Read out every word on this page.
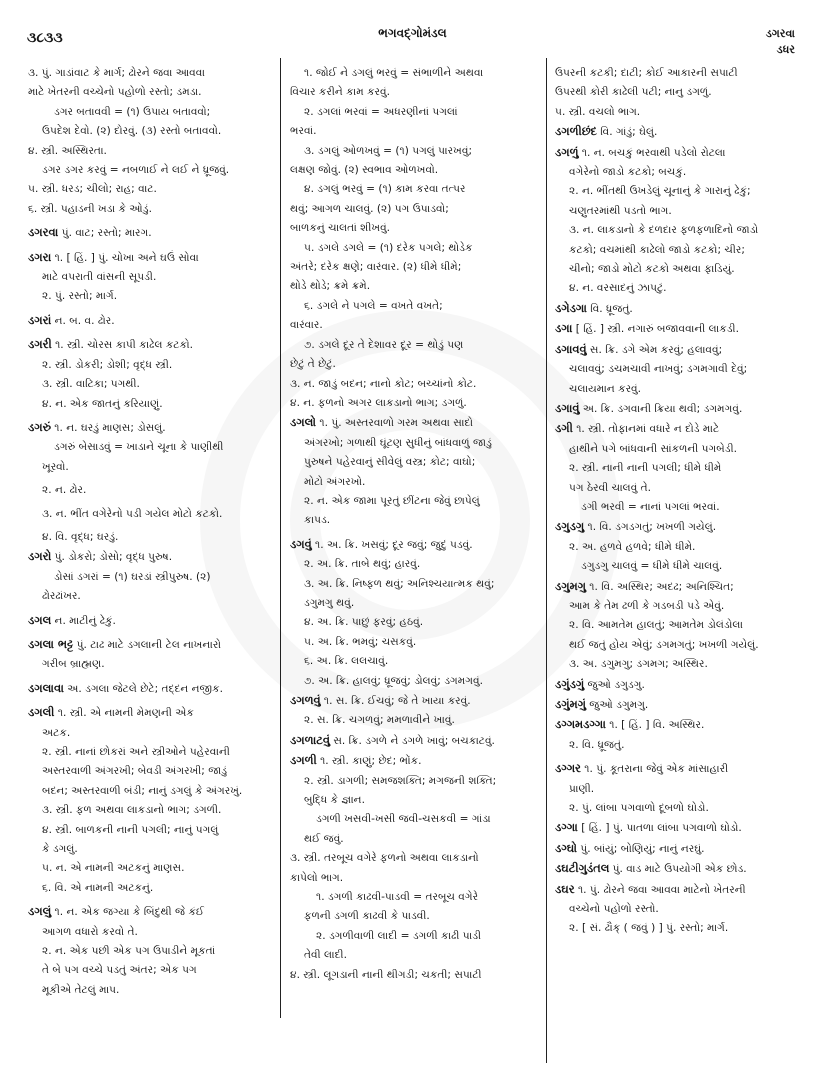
૩૮૩૩	ભગવદ્ગોમંડલ	ડગરવા
ડધર
૩. પું. ગાડાંવાટ કે માર્ગ; ઢોરને જવા આવવા
માટે ખેતરની વચ્ચેનો પહોળો રસ્તો; ડમડા.
ડગર બતાવવી = (૧) ઉપાય બતાવવો;
ઉપદેશ દેવો. (૨) દોરવું. (૩) રસ્તો બતાવવો.
૪. સ્ત્રી. અસ્થિરતા.
ડગર ડગર કરવું = નબળાઈ ને લઈ ને ધ્રૂજવું.
૫. સ્ત્રી. ધરડ; ચીલો; રાહ; વાટ.
૬. સ્ત્રી. પહાડની ખડા કે ઓડું.
ડગરવા પું. વાટ; રસ્તો; મારગ.
ડગરા ૧. [ હિં. ] પું. ચોખા અને ઘઉં સોવા
માટે વપરાતી વાંસની સૂપડી.
૨. પું. રસ્તો; માર્ગ.
ડગરાં ન. બ. વ. ઢોર.
ડગરી ૧. સ્ત્રી. ચોરસ કાપી કાઢેલ કટકો.
૨. સ્ત્રી. ડોકરી; ડોશી; વૃદ્ધ સ્ત્રી.
૩. સ્ત્રી. વાટિકા; પગથી.
૪. ન. એક જાતનું કરિયાણું.
ડગરું ૧. ન. ઘરડું માણસ; ડોસલું.
ડગરું બેસાડવું = ખાડાને ચૂના કે પાણીથી
ખૂરવો.
૨. ન. ઢોર.
૩. ન. ભીંત વગેરેનો પડી ગયેલ મોટો કટકો.
૪. વિ. વૃદ્ધ; ઘરડું.
ડગરો પું. ડોકરો; ડોસો; વૃદ્ધ પુરુષ.
ડોસાં ડગરાં = (૧) ઘરડાં સ્ત્રીપુરુષ. (૨)
ઢોરઢાંખર.
ડગલ ન. માટીનું ઢેકું.
ડગલા ભટ્ટ પું. ટાઢ માટે ડગલાની ટેલ નાખનારો
ગરીબ બ્રાહ્મણ.
ડગલાવા અ. ડગલા જેટલે છેટે; તદ્દન નજીક.
ડગલી ૧. સ્ત્રી. એ નામની મેમણની એક
અટક.
૨. સ્ત્રી. નાનાં છોકરાં અને સ્ત્રીઓને પહેરવાની
અસ્તરવાળી અંગરખી; બેવડી અંગરખી; જાડું
બદન; અસ્તરવાળી બંડી; નાનું ડગલું કે અંગરખું.
૩. સ્ત્રી. ફળ અથવા લાકડાનો ભાગ; ડગળી.
૪. સ્ત્રી. બાળકની નાની પગલી; નાનું પગલું
કે ડગલું.
૫. ન. એ નામની અટકનું માણસ.
૬. વિ. એ નામની અટકનું.
ડગલું ૧. ન. એક જગ્યા કે બિંદુથી જે કંઈ
આગળ વધારો કરવો તે.
૨. ન. એક પછી એક પગ ઉપાડીને મૂકતાં
તે બે પગ વચ્ચે પડતું અંતર; એક પગ
મૂકીએ તેટલું માપ.
૧. જોઈ ને ડગલું ભરવું = સંભાળીને અથવા
વિચાર કરીને કામ કરવું.
૨. ડગલાં ભરવાં = અધરણીનાં પગલાં
ભરવાં.
૩. ડગલું ઓળખવું = (૧) પગલું પારખવું;
લક્ષણ જોવું. (૨) સ્વભાવ ઓળખવો.
૪. ડગલું ભરવું = (૧) કામ કરવા તત્પર
થવું; આગળ ચાલવું. (૨) પગ ઉપાડવો;
બાળકનું ચાલતાં શીખવું.
૫. ડગલે ડગલે = (૧) દરેક પગલે; થોડેક
અંતરે; દરેક ક્ષણે; વારંવાર. (૨) ધીમે ધીમે;
થોડે થોડે; ક્રમે ક્રમે.
૬. ડગલે ને પગલે = વખતે વખતે;
વારંવાર.
૭. ડગલે દૂર તે દેશાવર દૂર = થોડું પણ
છેટું તે છેટું.
૩. ન. જાડું બદન; નાનો કોટ; બચ્ચાંનો કોટ.
૪. ન. ફળનો અગર લાકડાનો ભાગ; ડગળું.
ડગલો ૧. પું. અસ્તરવાળો ગરમ અથવા સાદો
અંગરખો; ગળાથી ઘૂંટણ સુધીનું બાંધવાળું જાડું
પુરુષને પહેરવાનું સીવેલું વસ્ત્ર; કોટ; વાઘો;
મોટો અંગરખો.
૨. ન. એક જામા પૂરતું છીંટના જેવું છાપેલું
કાપડ.
ડગવું ૧. અ. ક્રિ. ખસવું; દૂર જવું; જુદું પડવું.
૨. અ. ક્રિ. તાબે થવું; હારવું.
૩. અ. ક્રિ. નિષ્ફળ થવું; અનિશ્ચયાત્મક થવું;
ડગુમગુ થવું.
૪. અ. ક્રિ. પાછું ફરવું; હઠવું.
૫. અ. ક્રિ. ભમવું; ચસકવું.
૬. અ. ક્રિ. લલચાવું.
૭. અ. ક્રિ. હાલવું; ધ્રૂજવું; ડોલવું; ડગમગવું.
ડગળવું ૧. સ. ક્રિ. ઈચવું; જે તે ખાયા કરવું.
૨. સ. ક્રિ. ચગળવું; મમળાવીને ખાવું.
ડગળાટવું સ. ક્રિ. ડગળે ને ડગળે ખાવું; બચકાટવું.
ડગળી ૧. સ્ત્રી. કાણું; છેદ; ભોંક.
૨. સ્ત્રી. ડાગળી; સમજશક્તિ; મગજની શક્તિ;
બુદ્ધિ કે જ્ઞાન.
ડગળી ખસવી-ખસી જવી-ચસકવી = ગાંડા
થઈ જવું.
૩. સ્ત્રી. તરબૂચ વગેરે ફળનો અથવા લાકડાનો
કાપેલો ભાગ.
૧. ડગળી કાઢવી-પાડવી = તરબૂચ વગેરે
ફળની ડગળી કાઢવી કે પાડવી.
૨. ડગળીવાળી લાદી = ડગળી કાઢી પાડી
તેવી લાદી.
૪. સ્ત્રી. લૂગડાની નાની થીગડી; ચકતી; સપાટી
ઉપરની કટકી; દાટી; કોઈ આકારની સપાટી
ઉપરથી કોરી કાઢેલી પટી; નાનુ ડગળું.
૫. સ્ત્રી. વચલો ભાગ.
ડગળીછંદ વિ. ગાંડું; ઘેલું.
ડગળું ૧. ન. બચકું ભરવાથી પડેલો રોટલા
વગેરેનો જાડો કટકો; બચકું.
૨. ન. ભીંતથી ઉખડેલું ચૂનાનું કે ગારાનું ઢેકું;
ચણુતરમાંથી પડતો ભાગ.
૩. ન. લાકડાનો કે દળદાર ફળફળાદિનો જાડો
કટકો; વચમાંથી કાઢેલો જાડો કટકો; ચીર;
ચીનો; જાડો મોટો કટકો અથવા ફાડિયું.
૪. ન. વરસાદનું ઝાપટું.
ડગેડગા વિ. ધ્રૂજતું.
ડગા [ હિં. ] સ્ત્રી. નગારું બજાવવાની લાકડી.
ડગાવવું સ. ક્રિ. ડગે એમ કરવું; હલાવવું;
ચલાવવું; ડચમચાવી નાખવું; ડગમગાવી દેવું;
ચલાયમાન કરવું.
ડગાવું અ. ક્રિ. ડગવાની ક્રિયા થવી; ડગમગવું.
ડગી ૧. સ્ત્રી. તોફાનમાં વધારે ન દોડે માટે
હાથીને પગે બાંધવાની સાંકળની પગબેડી.
૨. સ્ત્રી. નાની નાની પગલી; ધીમે ધીમે
પગ ઠેરવી ચાલવું તે.
ડગી ભરવી = નાનાં પગલાં ભરવાં.
ડગુડગુ ૧. વિ. ડગડગતું; ખખળી ગયેલું.
૨. અ. હળવે હળવે; ધીમે ધીમે.
ડગુડગુ ચાલવું = ધીમે ધીમે ચાલવું.
ડગુમગુ ૧. વિ. અસ્થિર; અદઢ; અનિશ્ચિત;
આમ કે તેમ ઢળી કે ગડબડી પડે એવું.
૨. વિ. આમતેમ હાલતું; આમતેમ ડોલંડોલા
થઈ જતું હોય એવું; ડગમગતું; ખખળી ગયેલું.
૩. અ. ડગુમગુ; ડગમગ; અસ્થિર.
ડગુંડગું જુઓ ડગુડગુ.
ડગુંમગું જુઓ ડગુમગુ.
ડગ્ગમડગ્ગા ૧. [ હિં. ] વિ. અસ્થિર.
૨. વિ. ધ્રૂજતું.
ડગ્ગર ૧. પું. કૂતરાના જેવું એક માંસાહારી
પ્રાણી.
૨. પું. લાંબા પગવાળો દૂબળો ઘોડો.
ડગ્ગા [ હિં. ] પું. પાતળા લાંબા પગવાળો ઘોડો.
ડગ્ઘો પું. બાંયું; બોણિયું; નાનું નરઘું.
ડઘટીગુડંતલ પું. વાડ માટે ઉપયોગી એક છોડ.
ડઘર ૧. પું. ઢોરને જવા આવવા માટેનો ખેતરની
વચ્ચેનો પહોળો રસ્તો.
૨. [ સં. ઢૌક્ ( જવું ) ] પું. રસ્તો; માર્ગ.
